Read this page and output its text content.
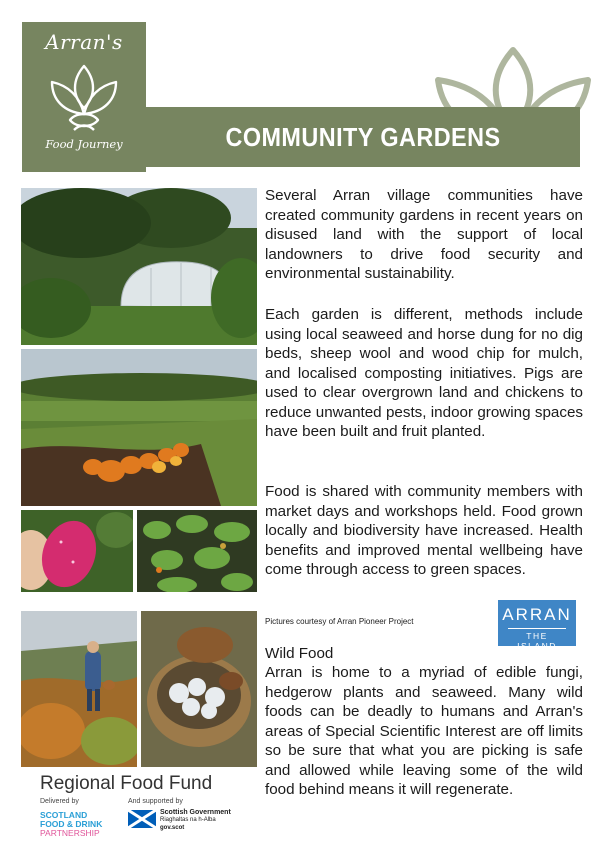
Arran's
Food Journey	COMMUNITY GARDENS
Several Arran village communities have created community gardens in recent years on disused land with the support of local landowners to drive food security and environmental sustainability.
Each garden is different, methods include using local seaweed and horse dung for no dig beds, sheep wool and wood chip for mulch, and localised composting initiatives. Pigs are used to clear overgrown land and chickens to reduce unwanted pests, indoor growing spaces have been built and fruit planted.
Food is shared with community members with market days and workshops held. Food grown locally and biodiversity have increased. Health benefits and improved mental wellbeing have come through access to green spaces.
Pictures courtesy of Arran Pioneer Project	ARRAN
THE ISLAND
Wild Food
Arran is home to a myriad of edible fungi, hedgerow plants and seaweed. Many wild foods can be deadly to humans and Arran's areas of Special Scientific Interest are off limits so be sure that what you are picking is safe and allowed while leaving some of the wild food behind means it will regenerate.
Regional Food Fund
Delivered by	And supported by
SCOTLAND
FOOD & DRINK
PARTNERSHIP
Scottish Government
Riaghaltas na h-Alba
gov.scot
